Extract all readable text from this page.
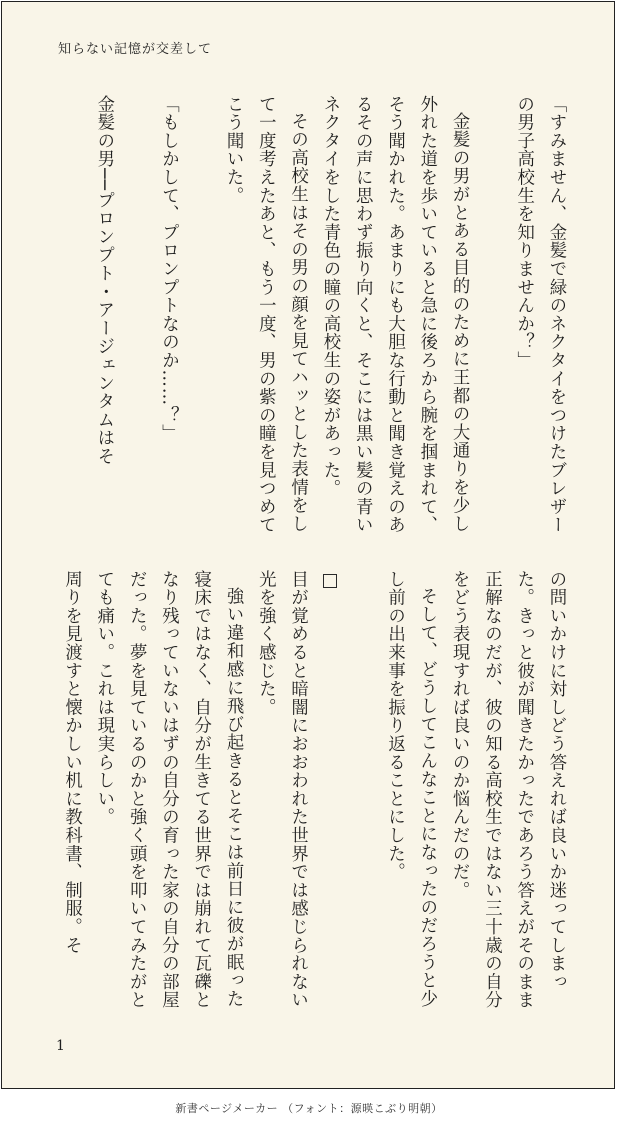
知らない記憶が交差して

「すみません、金髪で緑のネクタイをつけたブレザーの男子高校生を知りませんか？」

金髪の男がとある目的のために王都の大通りを少し外れた道を歩いていると急に後ろから腕を掴まれて、そう聞かれた。あまりにも大胆な行動と聞き覚えのあるその声に思わず振り向くと、そこには黒い髪の青いネクタイをした青色の瞳の高校生の姿があった。

その高校生はその男の顔を見てハッとした表情をして一度考えたあと、もう一度、男の紫の瞳を見つめてこう聞いた。

「もしかして、プロンプトなのか……？」

金髪の男──プロンプト・アージェンタムはそ

の問いかけに対しどう答えれば良いか迷ってしまった。きっと彼が聞きたかったであろう答えがそのまま正解なのだが、彼の知る高校生ではない三十歳の自分をどう表現すれば良いのか悩んだのだ。

そして、どうしてこんなことになったのだろうと少し前の出来事を振り返ることにした。

目が覚めると暗闇におおわれた世界では感じられない光を強く感じた。

強い違和感に飛び起きるとそこは前日に彼が眠った寝床ではなく、自分が生きてる世界では崩れて瓦礫となり残っていないはずの自分の育った家の自分の部屋だった。夢を見ているのかと強く頭を叩いてみたがとても痛い。これは現実らしい。

周りを見渡すと懐かしい机に教科書、制服。そ

1
新書ページメーカー （フォント：源暎こぶり明朝）
